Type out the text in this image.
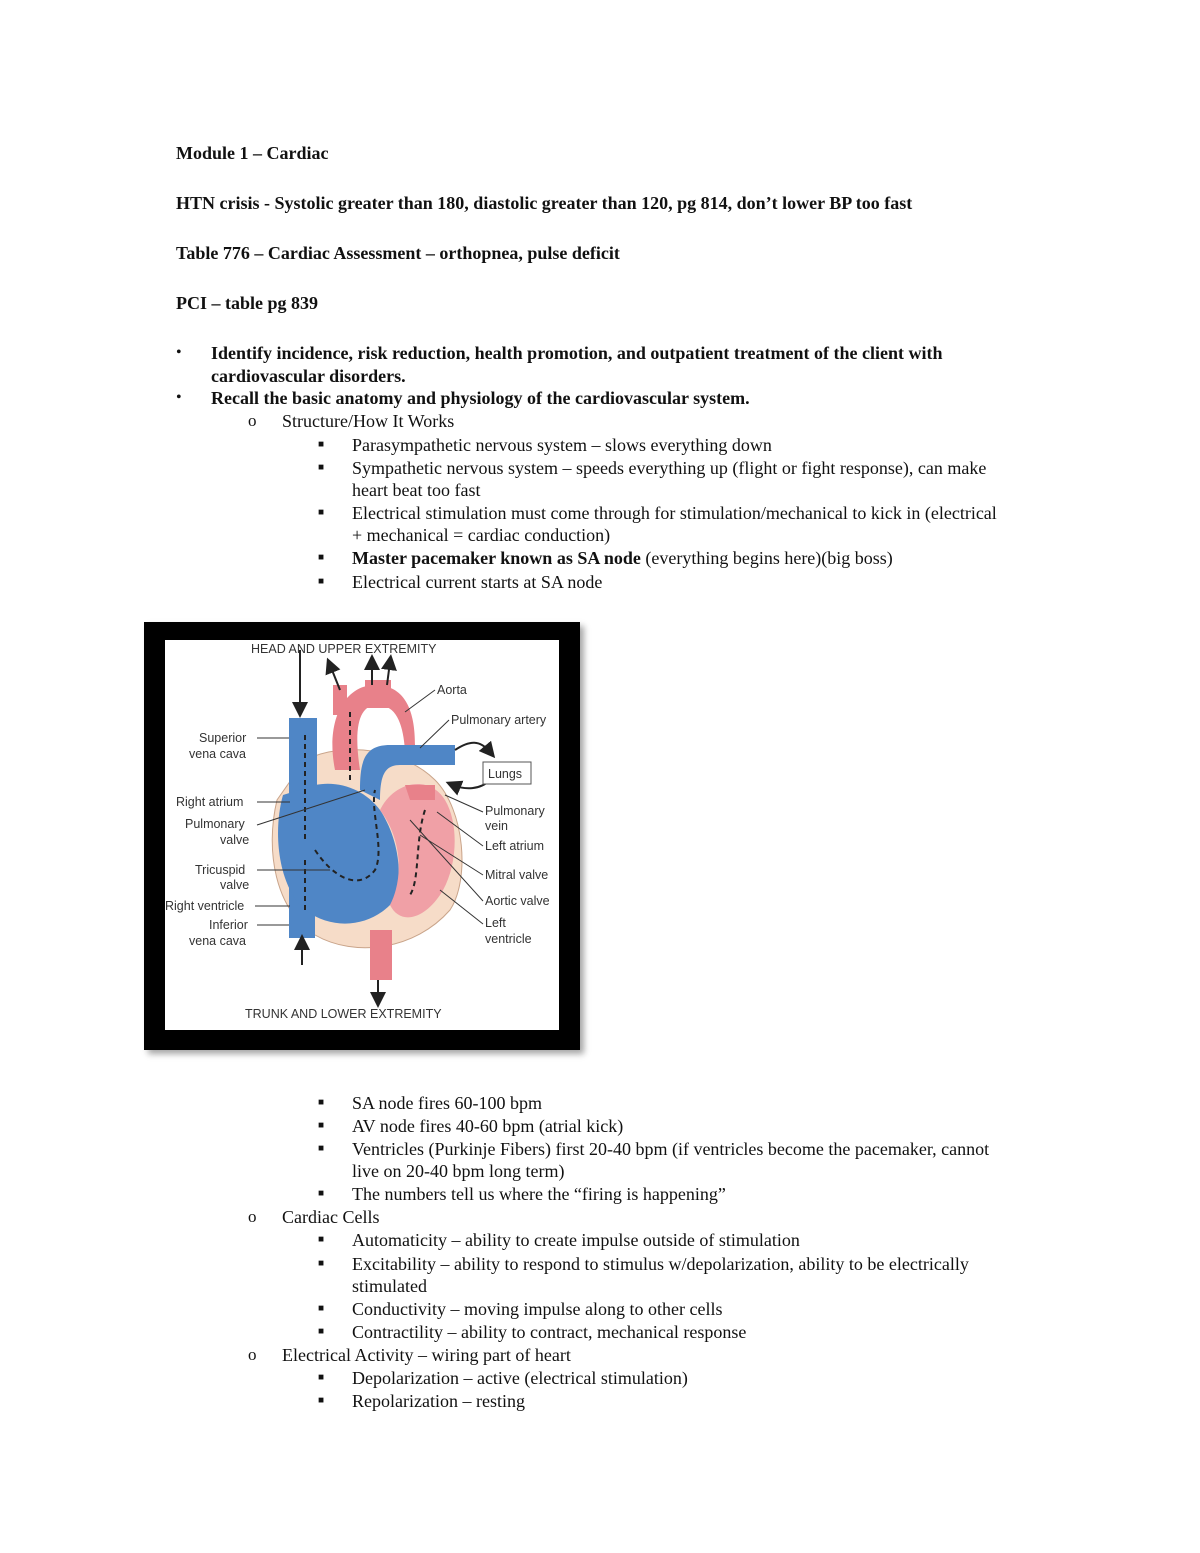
Module 1 – Cardiac
HTN crisis - Systolic greater than 180, diastolic greater than 120, pg 814, don’t lower BP too fast
Table 776 – Cardiac Assessment – orthopnea, pulse deficit
PCI – table pg 839
• Identify incidence, risk reduction, health promotion, and outpatient treatment of the client with
cardiovascular disorders.
• Recall the basic anatomy and physiology of the cardiovascular system.
o Structure/How It Works
■ Parasympathetic nervous system – slows everything down
■ Sympathetic nervous system – speeds everything up (flight or fight response), can make
heart beat too fast
■ Electrical stimulation must come through for stimulation/mechanical to kick in (electrical
+ mechanical = cardiac conduction)
■ Master pacemaker known as SA node (everything begins here)(big boss)
■ Electrical current starts at SA node
HEAD AND UPPER EXTREMITY
TRUNK AND LOWER EXTREMITY
Lungs
Aorta
Pulmonary artery
Pulmonary
vein
Left atrium
Mitral valve
Aortic valve
Left
ventricle
Superior
vena cava
Right atrium
Pulmonary
valve
Tricuspid
valve
Right ventricle
Inferior
vena cava
■ SA node fires 60-100 bpm
■ AV node fires 40-60 bpm (atrial kick)
■ Ventricles (Purkinje Fibers) first 20-40 bpm (if ventricles become the pacemaker, cannot
live on 20-40 bpm long term)
■ The numbers tell us where the “firing is happening”
o Cardiac Cells
■ Automaticity – ability to create impulse outside of stimulation
■ Excitability – ability to respond to stimulus w/depolarization, ability to be electrically
stimulated
■ Conductivity – moving impulse along to other cells
■ Contractility – ability to contract, mechanical response
o Electrical Activity – wiring part of heart
■ Depolarization – active (electrical stimulation)
■ Repolarization – resting
